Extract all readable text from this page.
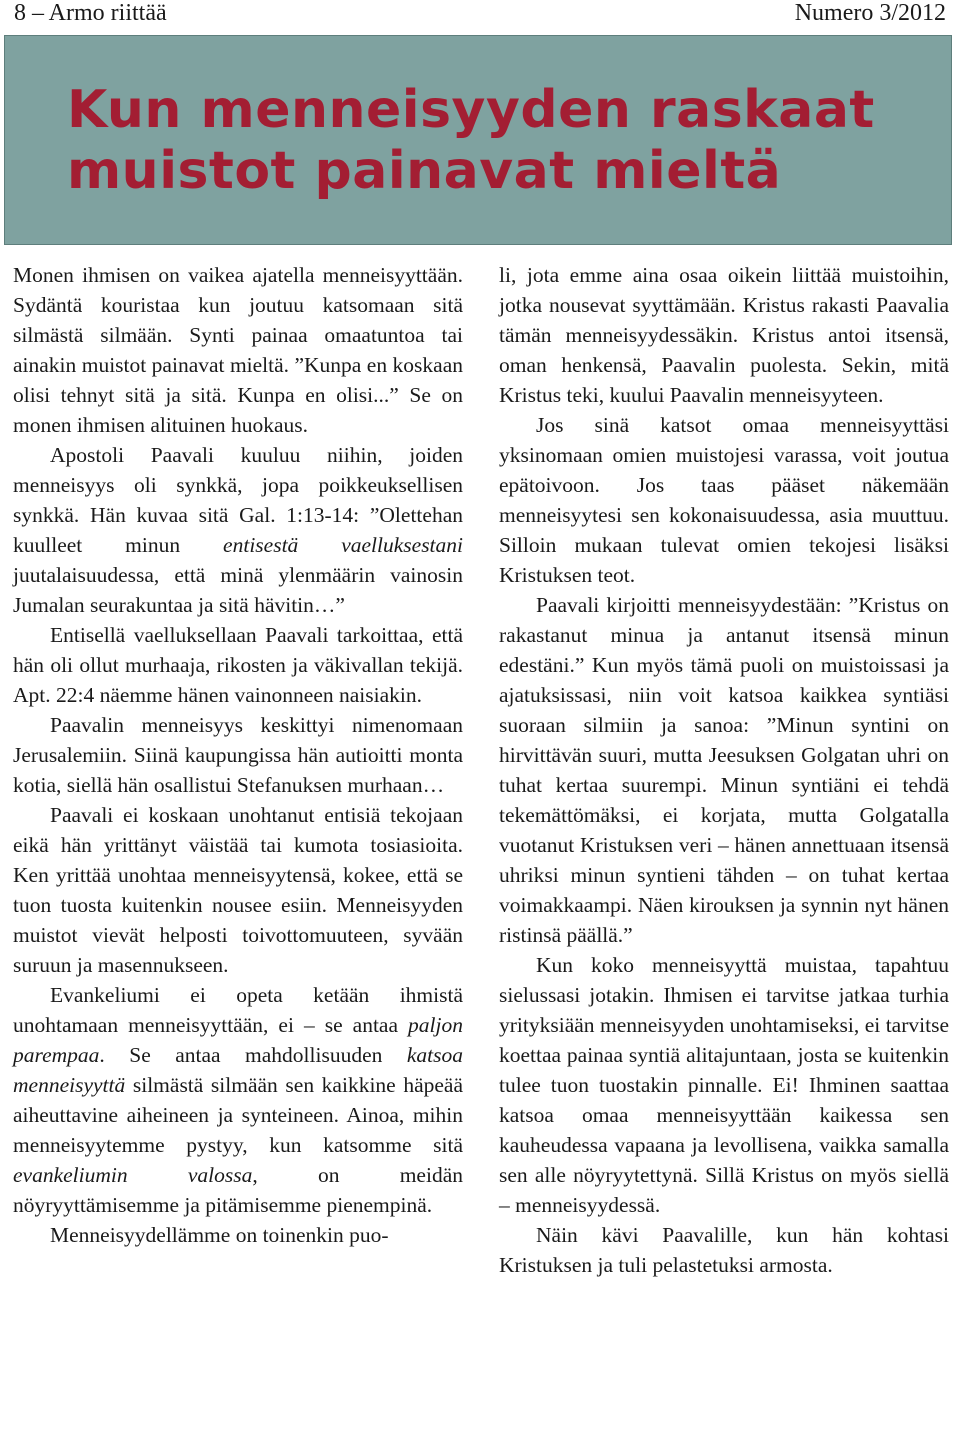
8 – Armo riittää	Numero 3/2012
Kun menneisyyden raskaat
muistot painavat mieltä

Monen ihmisen on vaikea ajatella menneisyyttään. Sydäntä kouristaa kun joutuu katsomaan sitä silmästä silmään. Synti painaa omaatuntoa tai ainakin muistot painavat mieltä. ”Kunpa en koskaan olisi tehnyt sitä ja sitä. Kunpa en olisi...” Se on monen ihmisen alituinen huokaus.

Apostoli Paavali kuuluu niihin, joiden menneisyys oli synkkä, jopa poikkeuksellisen synkkä. Hän kuvaa sitä Gal. 1:13-14: ”Olettehan kuulleet minun entisestä vaelluksestani juutalaisuudessa, että minä ylenmäärin vainosin Jumalan seurakuntaa ja sitä hävitin…”

Entisellä vaelluksellaan Paavali tarkoittaa, että hän oli ollut murhaaja, rikosten ja väkivallan tekijä. Apt. 22:4 näemme hänen vainonneen naisiakin.

Paavalin menneisyys keskittyi nimenomaan Jerusalemiin. Siinä kaupungissa hän autioitti monta kotia, siellä hän osallistui Stefanuksen murhaan…

Paavali ei koskaan unohtanut entisiä tekojaan eikä hän yrittänyt väistää tai kumota tosiasioita. Ken yrittää unohtaa menneisyytensä, kokee, että se tuon tuosta kuitenkin nousee esiin. Menneisyyden muistot vievät helposti toivottomuuteen, syvään suruun ja masennukseen.

Evankeliumi ei opeta ketään ihmistä unohtamaan menneisyyttään, ei – se antaa paljon parempaa. Se antaa mahdollisuuden katsoa menneisyyttä silmästä silmään sen kaikkine häpeää aiheuttavine aiheineen ja synteineen. Ainoa, mihin menneisyytemme pystyy, kun katsomme sitä evankeliumin valossa, on meidän nöyryyttämisemme ja pitämisemme pienempinä.

Menneisyydellämme on toinenkin puo-

li, jota emme aina osaa oikein liittää muistoihin, jotka nousevat syyttämään. Kristus rakasti Paavalia tämän menneisyydessäkin. Kristus antoi itsensä, oman henkensä, Paavalin puolesta. Sekin, mitä Kristus teki, kuului Paavalin menneisyyteen.

Jos sinä katsot omaa menneisyyttäsi yksinomaan omien muistojesi varassa, voit joutua epätoivoon. Jos taas pääset näkemään menneisyytesi sen kokonaisuudessa, asia muuttuu. Silloin mukaan tulevat omien tekojesi lisäksi Kristuksen teot.

Paavali kirjoitti menneisyydestään: ”Kristus on rakastanut minua ja antanut itsensä minun edestäni.” Kun myös tämä puoli on muistoissasi ja ajatuksissasi, niin voit katsoa kaikkea syntiäsi suoraan silmiin ja sanoa: ”Minun syntini on hirvittävän suuri, mutta Jeesuksen Golgatan uhri on tuhat kertaa suurempi. Minun syntiäni ei tehdä tekemättömäksi, ei korjata, mutta Golgatalla vuotanut Kristuksen veri – hänen annettuaan itsensä uhriksi minun syntieni tähden – on tuhat kertaa voimakkaampi. Näen kirouksen ja synnin nyt hänen ristinsä päällä.”

Kun koko menneisyyttä muistaa, tapahtuu sielussasi jotakin. Ihmisen ei tarvitse jatkaa turhia yrityksiään menneisyyden unohtamiseksi, ei tarvitse koettaa painaa syntiä alitajuntaan, josta se kuitenkin tulee tuon tuostakin pinnalle. Ei! Ihminen saattaa katsoa omaa menneisyyttään kaikessa sen kauheudessa vapaana ja levollisena, vaikka samalla sen alle nöyryytettynä. Sillä Kristus on myös siellä – menneisyydessä.

Näin kävi Paavalille, kun hän kohtasi Kristuksen ja tuli pelastetuksi armosta.
